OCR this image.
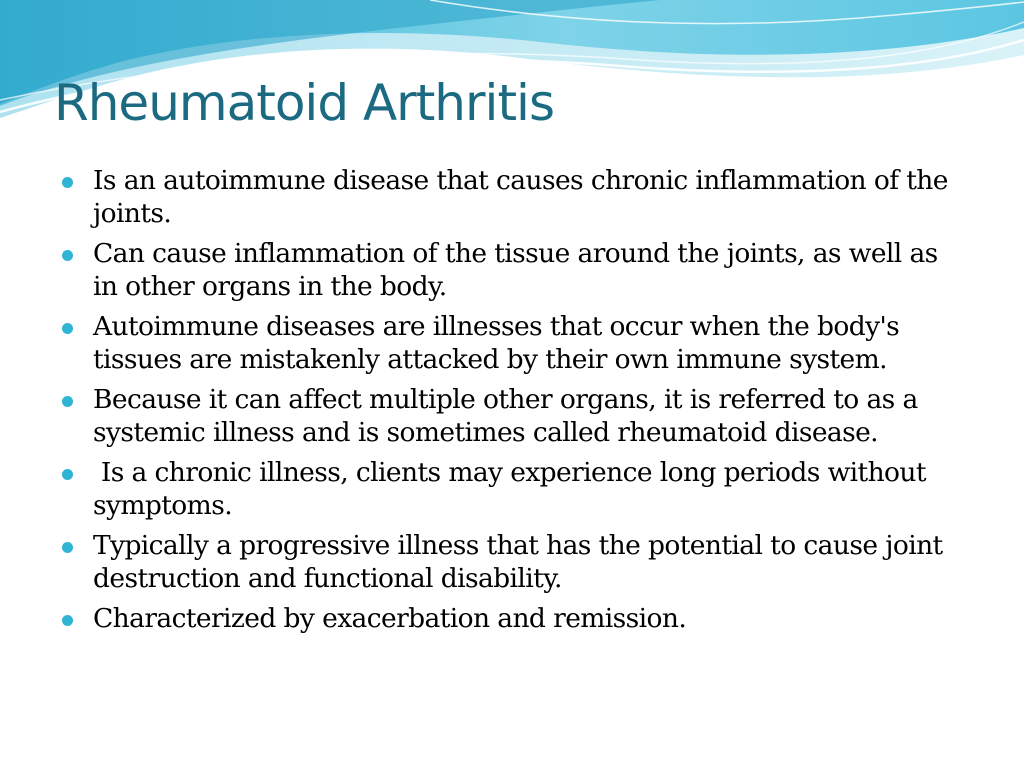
Rheumatoid Arthritis
Is an autoimmune disease that causes chronic inflammation of the joints.
Can cause inflammation of the tissue around the joints, as well as in other organs in the body.
Autoimmune diseases are illnesses that occur when the body's tissues are mistakenly attacked by their own immune system.
Because it can affect multiple other organs, it is referred to as a systemic illness and is sometimes called rheumatoid disease.
Is a chronic illness, clients may experience long periods without symptoms.
Typically a progressive illness that has the potential to cause joint destruction and functional disability.
Characterized by exacerbation and remission.
